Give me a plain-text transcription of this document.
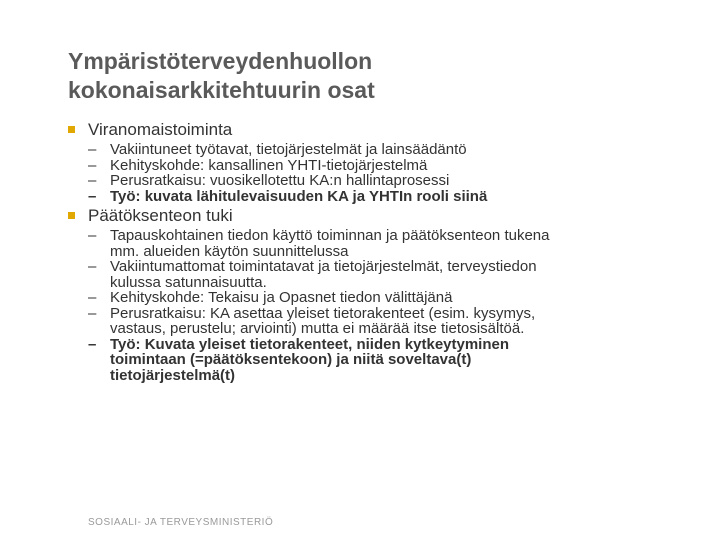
Ympäristöterveydenhuollon
kokonaisarkkitehtuurin osat
Viranomaistoiminta
– Vakiintuneet työtavat, tietojärjestelmät ja lainsäädäntö
– Kehityskohde: kansallinen YHTI-tietojärjestelmä
– Perusratkaisu: vuosikellotettu KA:n hallintaprosessi
– Työ: kuvata lähitulevaisuuden KA ja YHTIn rooli siinä
Päätöksenteon tuki
– Tapauskohtainen tiedon käyttö toiminnan ja päätöksenteon tukena
mm. alueiden käytön suunnittelussa
– Vakiintumattomat toimintatavat ja tietojärjestelmät, terveystiedon
kulussa satunnaisuutta.
– Kehityskohde: Tekaisu ja Opasnet tiedon välittäjänä
– Perusratkaisu: KA asettaa yleiset tietorakenteet (esim. kysymys,
vastaus, perustelu; arviointi) mutta ei määrää itse tietosisältöä.
– Työ: Kuvata yleiset tietorakenteet, niiden kytkeytyminen
toimintaan (=päätöksentekoon) ja niitä soveltava(t)
tietojärjestelmä(t)
SOSIAALI- JA TERVEYSMINISTERIÖ
